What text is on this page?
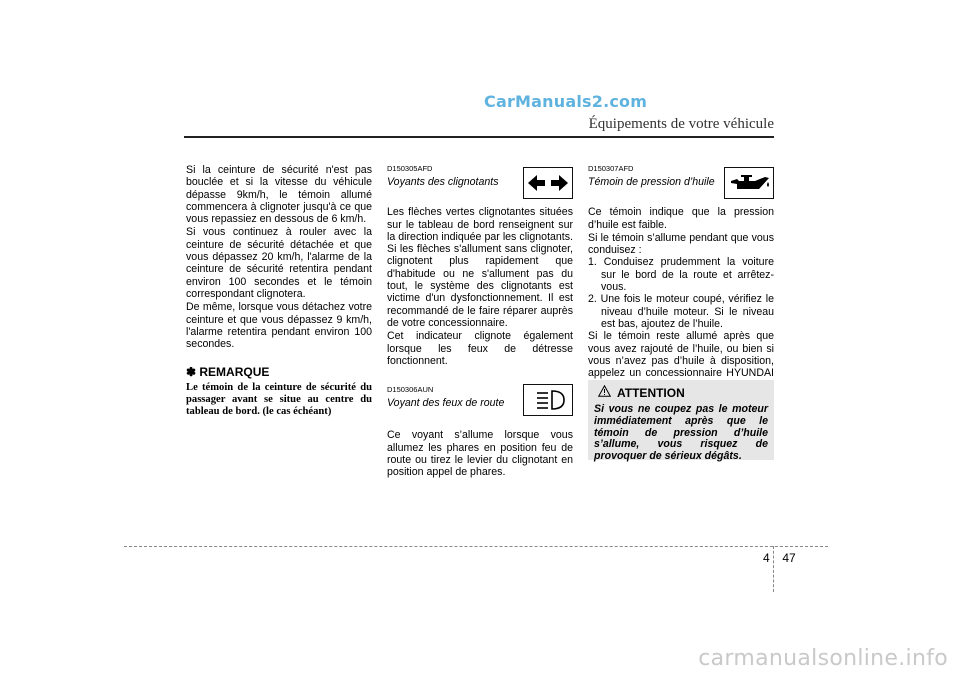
CarManuals2.com
Équipements de votre véhicule

Si la ceinture de sécurité n'est pas bouclée et si la vitesse du véhicule dépasse 9km/h, le témoin allumé commencera à clignoter jusqu'à ce que vous repassiez en dessous de 6 km/h.

Si vous continuez à rouler avec la ceinture de sécurité détachée et que vous dépassez 20 km/h, l'alarme de la ceinture de sécurité retentira pendant environ 100 secondes et le témoin correspondant clignotera.

De même, lorsque vous détachez votre ceinture et que vous dépassez 9 km/h, l'alarme retentira pendant environ 100 secondes.

✽ REMARQUE

Le témoin de la ceinture de sécurité du passager avant se situe au centre du tableau de bord. (le cas échéant)

D150305AFD

Voyants des clignotants

Les flèches vertes clignotantes situées sur le tableau de bord renseignent sur la direction indiquée par les clignotants. Si les flèches s'allument sans clignoter, clignotent plus rapidement que d'habitude ou ne s'allument pas du tout, le système des clignotants est victime d'un dysfonctionnement. Il est recommandé de le faire réparer auprès de votre concessionnaire.

Cet indicateur clignote également lorsque les feux de détresse fonctionnent.

D150306AUN

Voyant des feux de route

Ce voyant s’allume lorsque vous allumez les phares en position feu de route ou tirez le levier du clignotant en position appel de phares.

D150307AFD

Témoin de pression d’huile

Ce témoin indique que la pression d’huile est faible.

Si le témoin s’allume pendant que vous conduisez :

1. Conduisez prudemment la voiture sur le bord de la route et arrêtez-vous.

2. Une fois le moteur coupé, vérifiez le niveau d’huile moteur. Si le niveau est bas, ajoutez de l’huile.

Si le témoin reste allumé après que vous avez rajouté de l’huile, ou bien si vous n’avez pas d’huile à disposition, appelez un concessionnaire HYUNDAI

ATTENTION

Si vous ne coupez pas le moteur immédiatement après que le témoin de pression d’huile s’allume, vous risquez de provoquer de sérieux dégâts.

4 47
carmanualsonline.info
